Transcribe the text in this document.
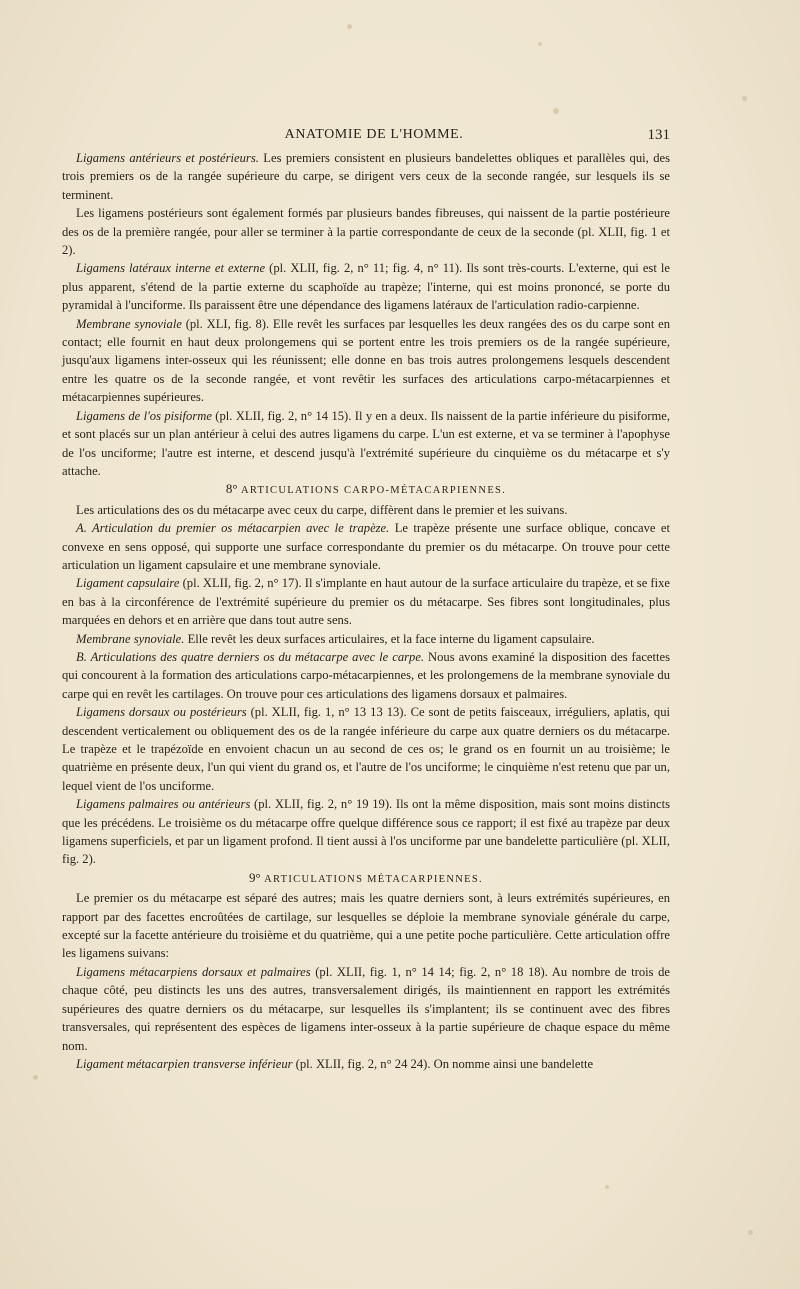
ANATOMIE DE L'HOMME.	131

Ligamens antérieurs et postérieurs. Les premiers consistent en plusieurs bandelettes obliques et parallèles qui, des trois premiers os de la rangée supérieure du carpe, se dirigent vers ceux de la seconde rangée, sur lesquels ils se terminent.

Les ligamens postérieurs sont également formés par plusieurs bandes fibreuses, qui naissent de la partie postérieure des os de la première rangée, pour aller se terminer à la partie correspondante de ceux de la seconde (pl. XLII, fig. 1 et 2).

Ligamens latéraux interne et externe (pl. XLII, fig. 2, n° 11; fig. 4, n° 11). Ils sont très-courts. L'externe, qui est le plus apparent, s'étend de la partie externe du scaphoïde au trapèze; l'interne, qui est moins prononcé, se porte du pyramidal à l'unciforme. Ils paraissent être une dépendance des ligamens latéraux de l'articulation radio-carpienne.

Membrane synoviale (pl. XLI, fig. 8). Elle revêt les surfaces par lesquelles les deux rangées des os du carpe sont en contact; elle fournit en haut deux prolongemens qui se portent entre les trois premiers os de la rangée supérieure, jusqu'aux ligamens inter-osseux qui les réunissent; elle donne en bas trois autres prolongemens lesquels descendent entre les quatre os de la seconde rangée, et vont revêtir les surfaces des articulations carpo-métacarpiennes et métacarpiennes supérieures.

Ligamens de l'os pisiforme (pl. XLII, fig. 2, n° 14 15). Il y en a deux. Ils naissent de la partie inférieure du pisiforme, et sont placés sur un plan antérieur à celui des autres ligamens du carpe. L'un est externe, et va se terminer à l'apophyse de l'os unciforme; l'autre est interne, et descend jusqu'à l'extrémité supérieure du cinquième os du métacarpe et s'y attache.

8° ARTICULATIONS CARPO-MÉTACARPIENNES.

Les articulations des os du métacarpe avec ceux du carpe, diffèrent dans le premier et les suivans.

A. Articulation du premier os métacarpien avec le trapèze. Le trapèze présente une surface oblique, concave et convexe en sens opposé, qui supporte une surface correspondante du premier os du métacarpe. On trouve pour cette articulation un ligament capsulaire et une membrane synoviale.

Ligament capsulaire (pl. XLII, fig. 2, n° 17). Il s'implante en haut autour de la surface articulaire du trapèze, et se fixe en bas à la circonférence de l'extrémité supérieure du premier os du métacarpe. Ses fibres sont longitudinales, plus marquées en dehors et en arrière que dans tout autre sens.

Membrane synoviale. Elle revêt les deux surfaces articulaires, et la face interne du ligament capsulaire.

B. Articulations des quatre derniers os du métacarpe avec le carpe. Nous avons examiné la disposition des facettes qui concourent à la formation des articulations carpo-métacarpiennes, et les prolongemens de la membrane synoviale du carpe qui en revêt les cartilages. On trouve pour ces articulations des ligamens dorsaux et palmaires.

Ligamens dorsaux ou postérieurs (pl. XLII, fig. 1, n° 13 13 13). Ce sont de petits faisceaux, irréguliers, aplatis, qui descendent verticalement ou obliquement des os de la rangée inférieure du carpe aux quatre derniers os du métacarpe. Le trapèze et le trapézoïde en envoient chacun un au second de ces os; le grand os en fournit un au troisième; le quatrième en présente deux, l'un qui vient du grand os, et l'autre de l'os unciforme; le cinquième n'est retenu que par un, lequel vient de l'os unciforme.

Ligamens palmaires ou antérieurs (pl. XLII, fig. 2, n° 19 19). Ils ont la même disposition, mais sont moins distincts que les précédens. Le troisième os du métacarpe offre quelque différence sous ce rapport; il est fixé au trapèze par deux ligamens superficiels, et par un ligament profond. Il tient aussi à l'os unciforme par une bandelette particulière (pl. XLII, fig. 2).

9° ARTICULATIONS MÉTACARPIENNES.

Le premier os du métacarpe est séparé des autres; mais les quatre derniers sont, à leurs extrémités supérieures, en rapport par des facettes encroûtées de cartilage, sur lesquelles se déploie la membrane synoviale générale du carpe, excepté sur la facette antérieure du troisième et du quatrième, qui a une petite poche particulière. Cette articulation offre les ligamens suivans:

Ligamens métacarpiens dorsaux et palmaires (pl. XLII, fig. 1, n° 14 14; fig. 2, n° 18 18). Au nombre de trois de chaque côté, peu distincts les uns des autres, transversalement dirigés, ils maintiennent en rapport les extrémités supérieures des quatre derniers os du métacarpe, sur lesquelles ils s'implantent; ils se continuent avec des fibres transversales, qui représentent des espèces de ligamens inter-osseux à la partie supérieure de chaque espace du même nom.

Ligament métacarpien transverse inférieur (pl. XLII, fig. 2, n° 24 24). On nomme ainsi une bandelette
